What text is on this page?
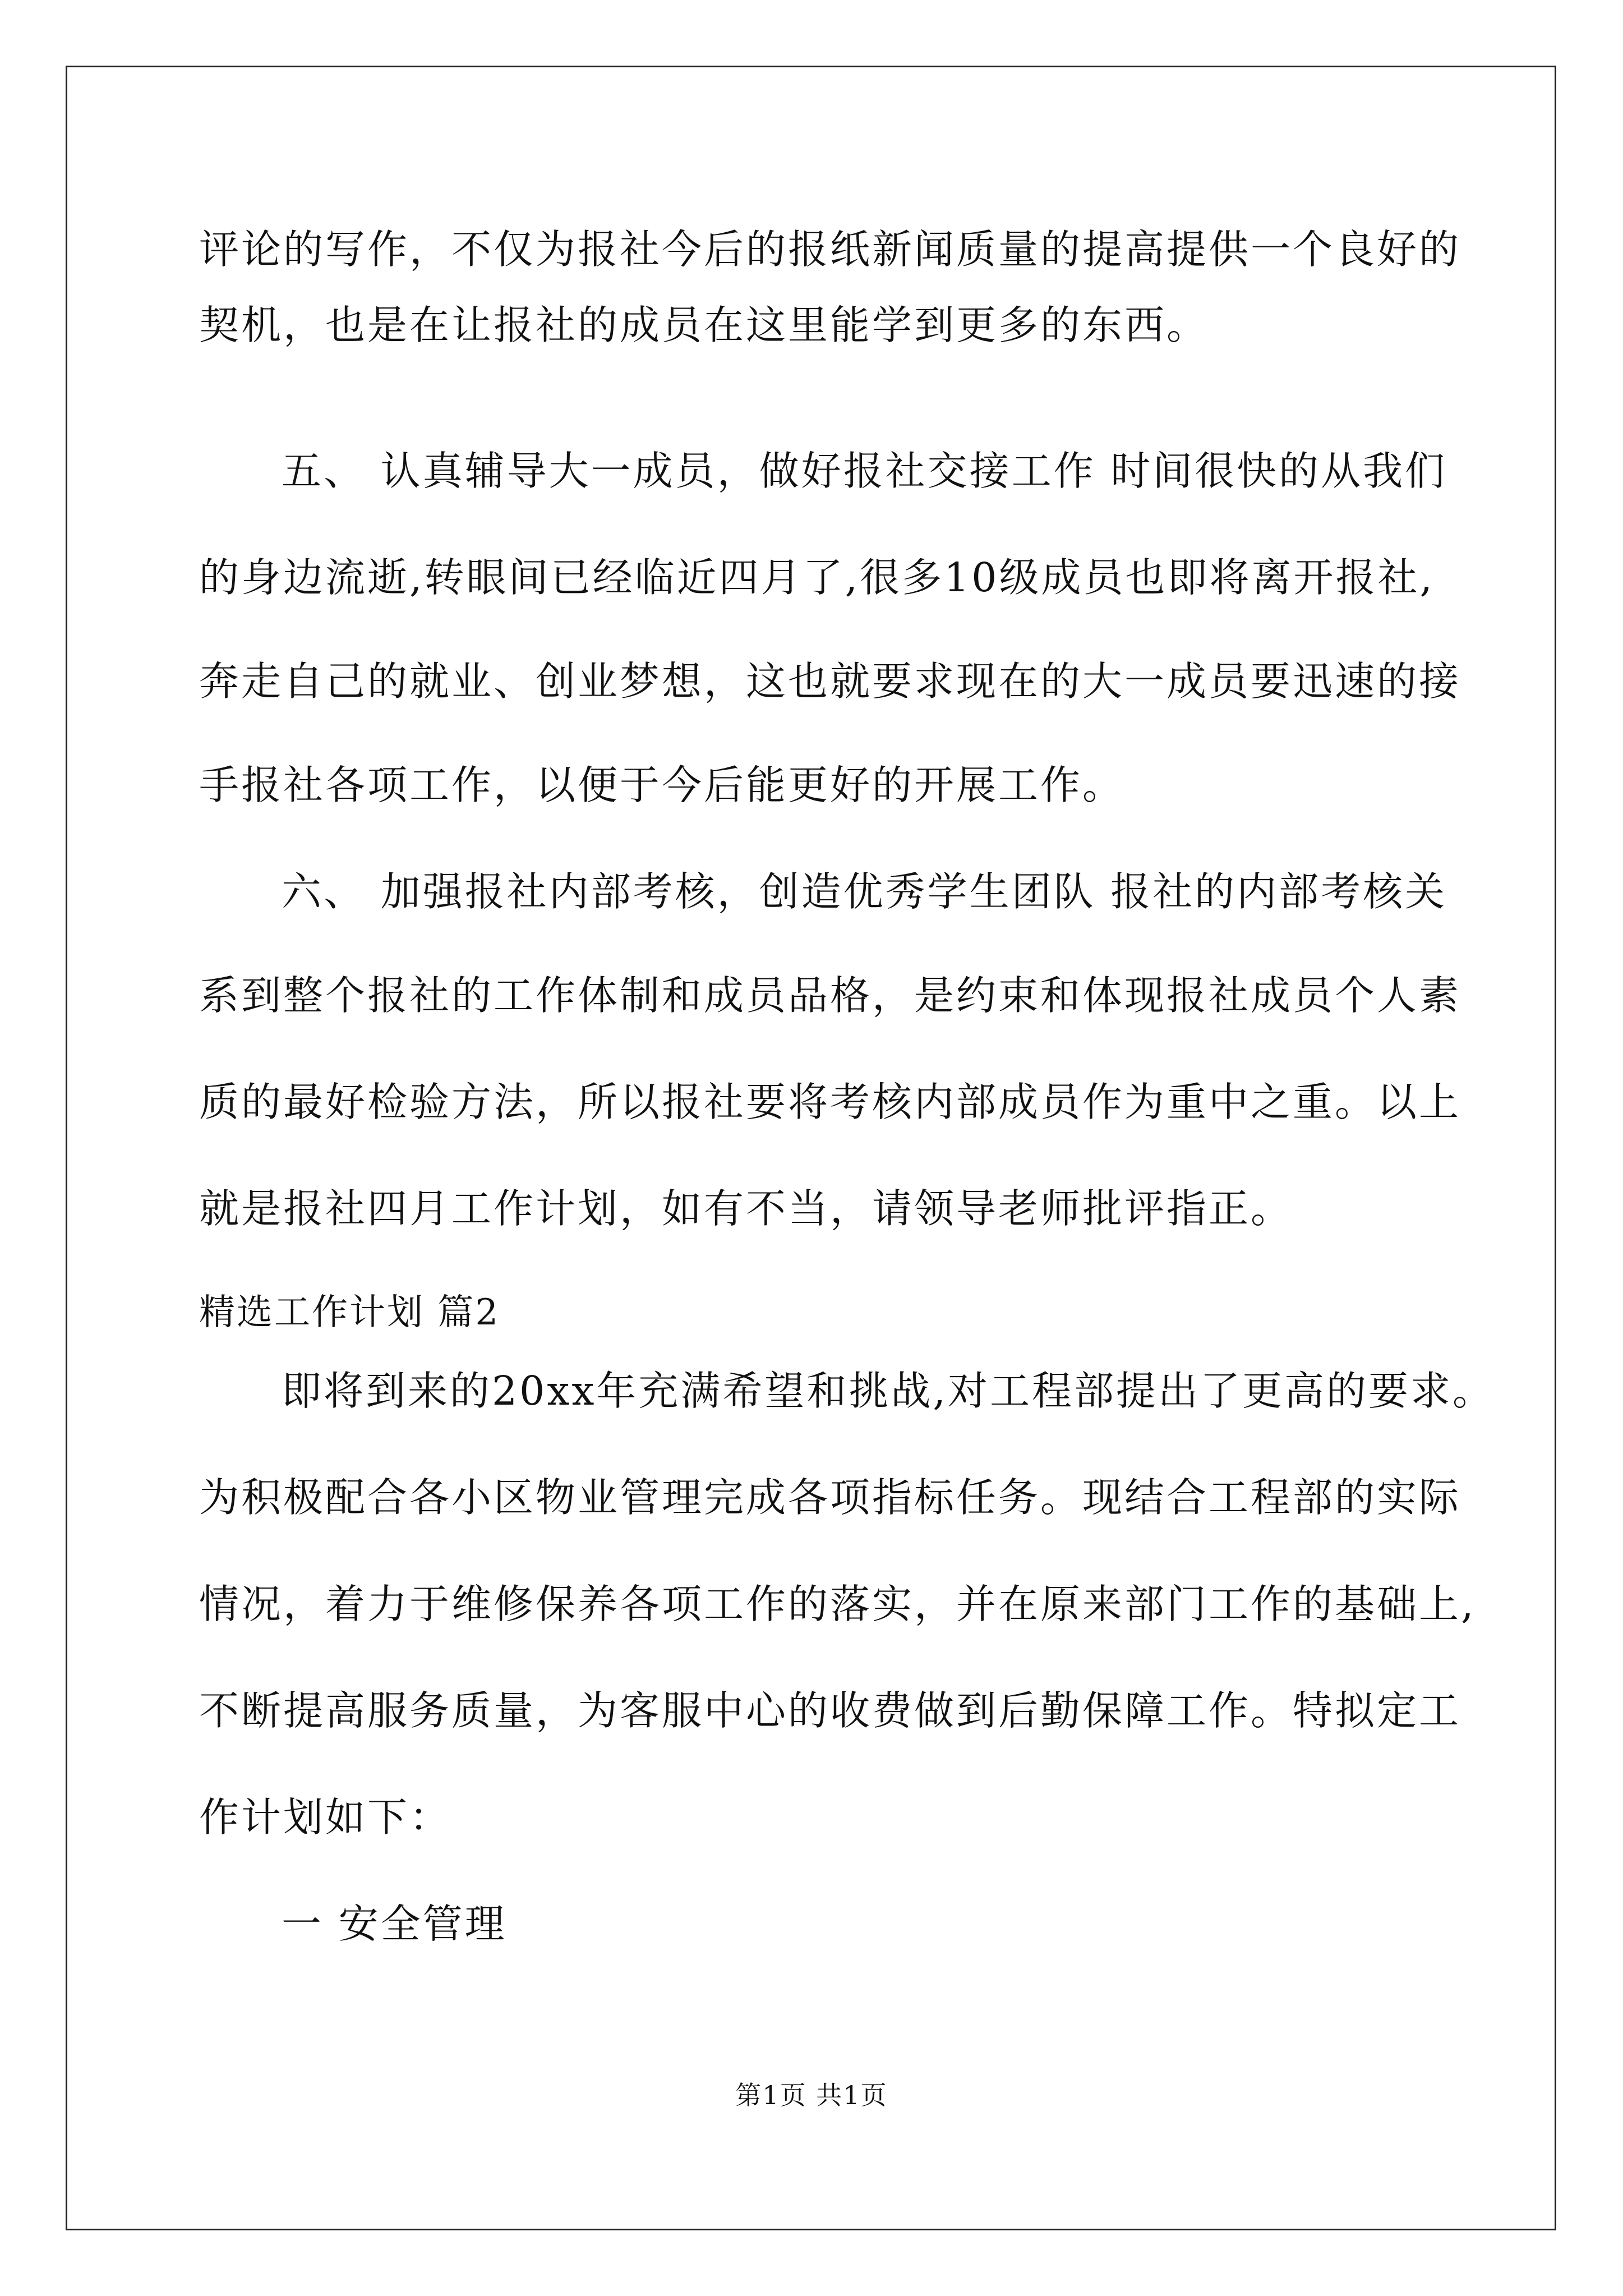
评论的写作，不仅为报社今后的报纸新闻质量的提高提供一个良好的
契机，也是在让报社的成员在这里能学到更多的东西。
五、 认真辅导大一成员，做好报社交接工作 时间很快的从我们
的身边流逝,转眼间已经临近四月了,很多10级成员也即将离开报社,
奔走自己的就业、创业梦想，这也就要求现在的大一成员要迅速的接
手报社各项工作，以便于今后能更好的开展工作。
六、 加强报社内部考核，创造优秀学生团队 报社的内部考核关
系到整个报社的工作体制和成员品格，是约束和体现报社成员个人素
质的最好检验方法，所以报社要将考核内部成员作为重中之重。以上
就是报社四月工作计划，如有不当，请领导老师批评指正。
精选工作计划 篇2
即将到来的20xx年充满希望和挑战,对工程部提出了更高的要求。
为积极配合各小区物业管理完成各项指标任务。现结合工程部的实际
情况，着力于维修保养各项工作的落实，并在原来部门工作的基础上,
不断提高服务质量，为客服中心的收费做到后勤保障工作。特拟定工
作计划如下：
一 安全管理
第1页 共1页
